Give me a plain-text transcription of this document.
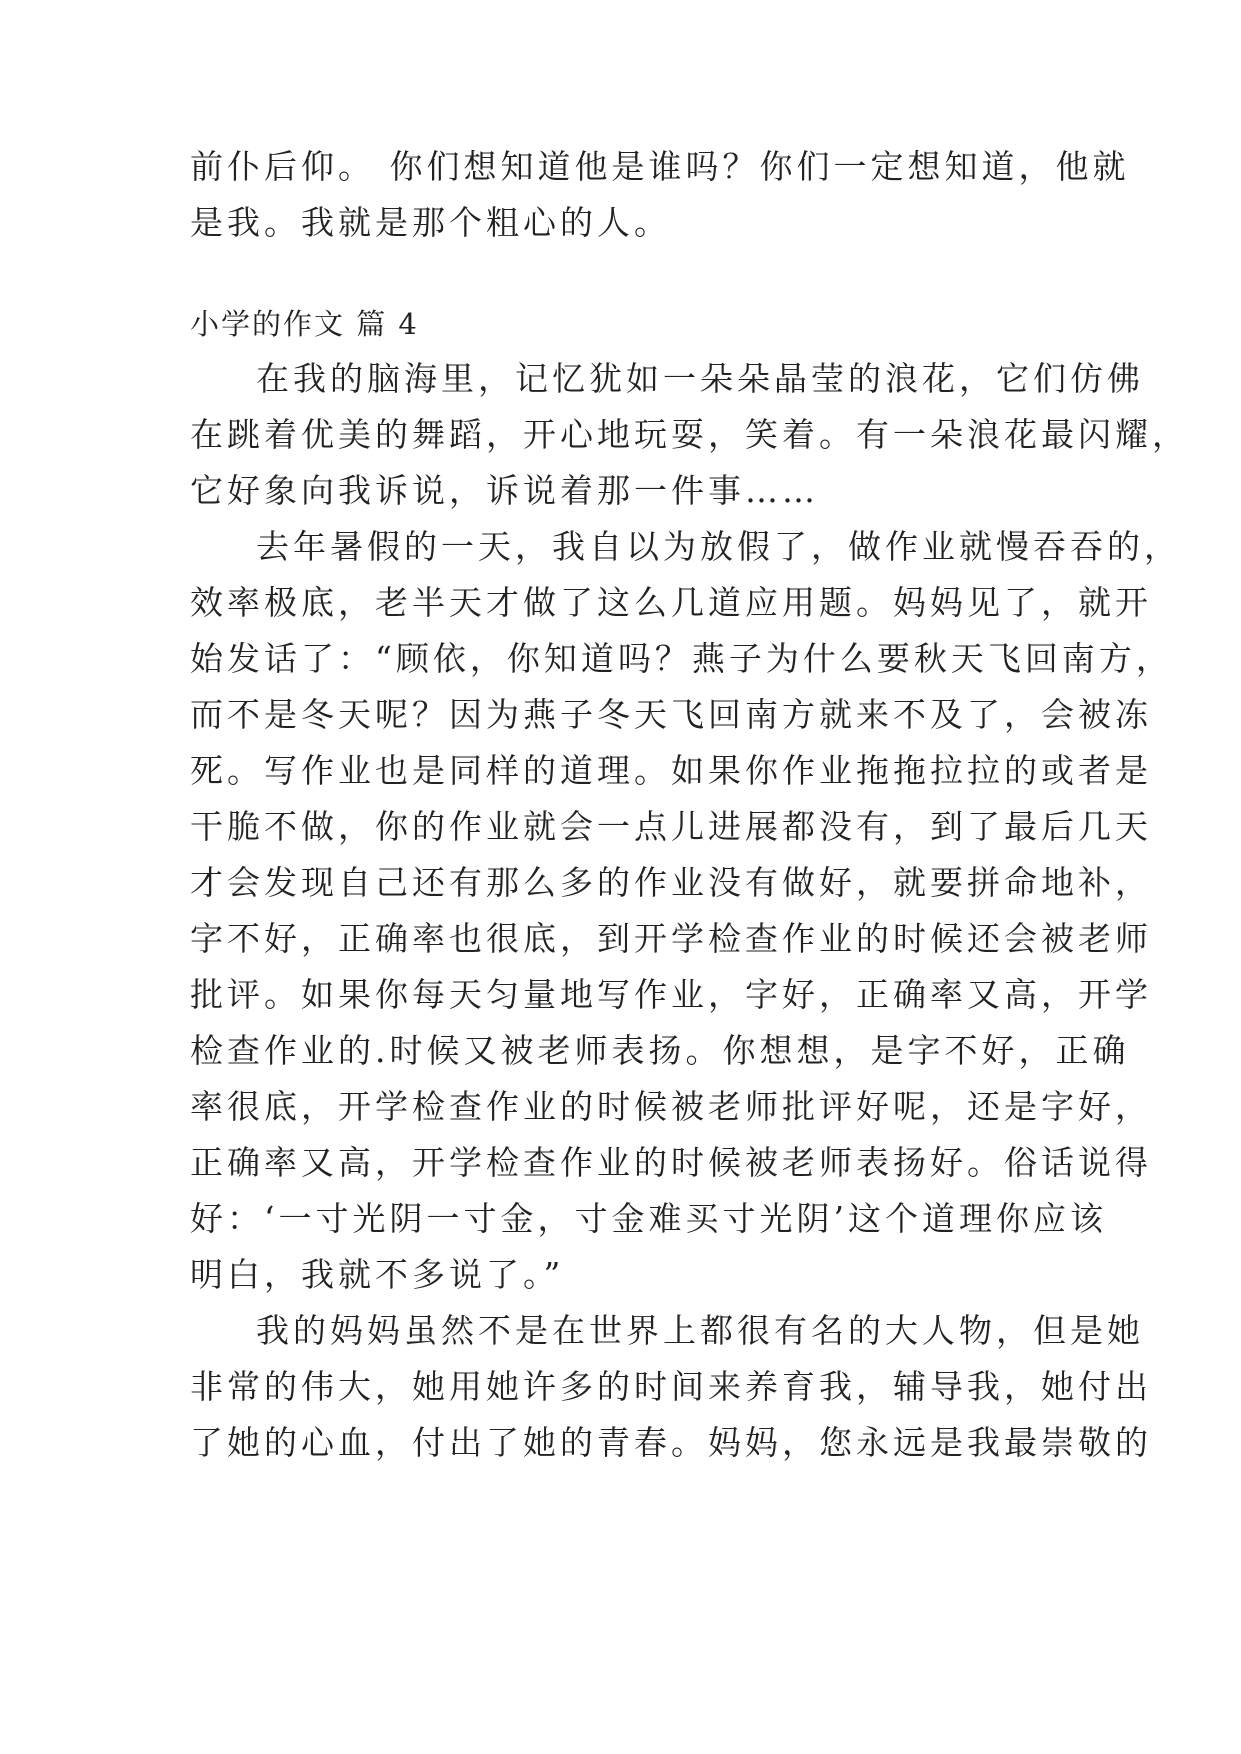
前仆后仰。 你们想知道他是谁吗？你们一定想知道，他就
是我。我就是那个粗心的人。
小学的作文 篇 4
在我的脑海里，记忆犹如一朵朵晶莹的浪花，它们仿佛
在跳着优美的舞蹈，开心地玩耍，笑着。有一朵浪花最闪耀，
它好象向我诉说，诉说着那一件事……
去年暑假的一天，我自以为放假了，做作业就慢吞吞的，
效率极底，老半天才做了这么几道应用题。妈妈见了，就开
始发话了：“顾依，你知道吗？燕子为什么要秋天飞回南方，
而不是冬天呢？因为燕子冬天飞回南方就来不及了，会被冻
死。写作业也是同样的道理。如果你作业拖拖拉拉的或者是
干脆不做，你的作业就会一点儿进展都没有，到了最后几天
才会发现自己还有那么多的作业没有做好，就要拼命地补，
字不好，正确率也很底，到开学检查作业的时候还会被老师
批评。如果你每天匀量地写作业，字好，正确率又高，开学
检查作业的.时候又被老师表扬。你想想，是字不好，正确
率很底，开学检查作业的时候被老师批评好呢，还是字好，
正确率又高，开学检查作业的时候被老师表扬好。俗话说得
好：‘一寸光阴一寸金，寸金难买寸光阴’这个道理你应该
明白，我就不多说了。”
我的妈妈虽然不是在世界上都很有名的大人物，但是她
非常的伟大，她用她许多的时间来养育我，辅导我，她付出
了她的心血，付出了她的青春。妈妈，您永远是我最崇敬的
